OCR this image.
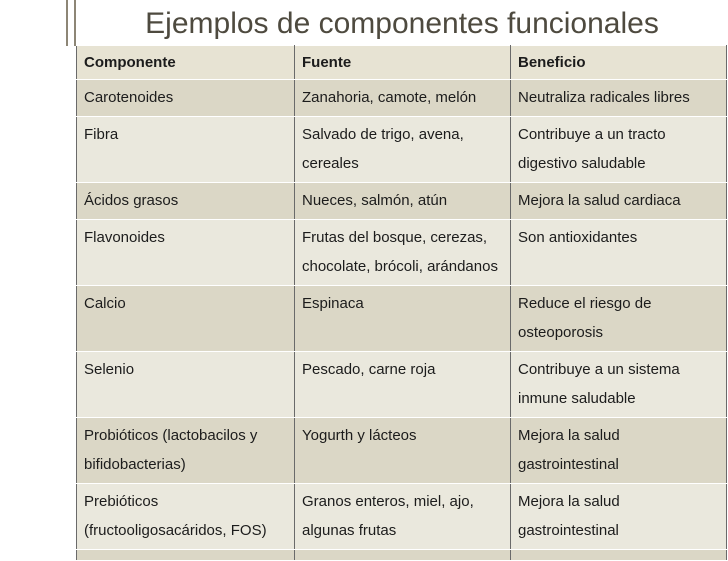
Ejemplos de componentes funcionales
Componente	Fuente	Beneficio
Carotenoides	Zanahoria, camote, melón	Neutraliza radicales libres
Fibra	Salvado de trigo, avena, cereales	Contribuye a un tracto digestivo saludable
Ácidos grasos	Nueces, salmón, atún	Mejora la salud cardiaca
Flavonoides	Frutas del bosque, cerezas, chocolate, brócoli, arándanos	Son antioxidantes
Calcio	Espinaca	Reduce el riesgo de osteoporosis
Selenio	Pescado, carne roja	Contribuye a un sistema inmune saludable
Probióticos (lactobacilos y bifidobacterias)	Yogurth y lácteos	Mejora la salud gastrointestinal
Prebióticos (fructooligosacáridos, FOS)	Granos enteros, miel, ajo, algunas frutas	Mejora la salud gastrointestinal
